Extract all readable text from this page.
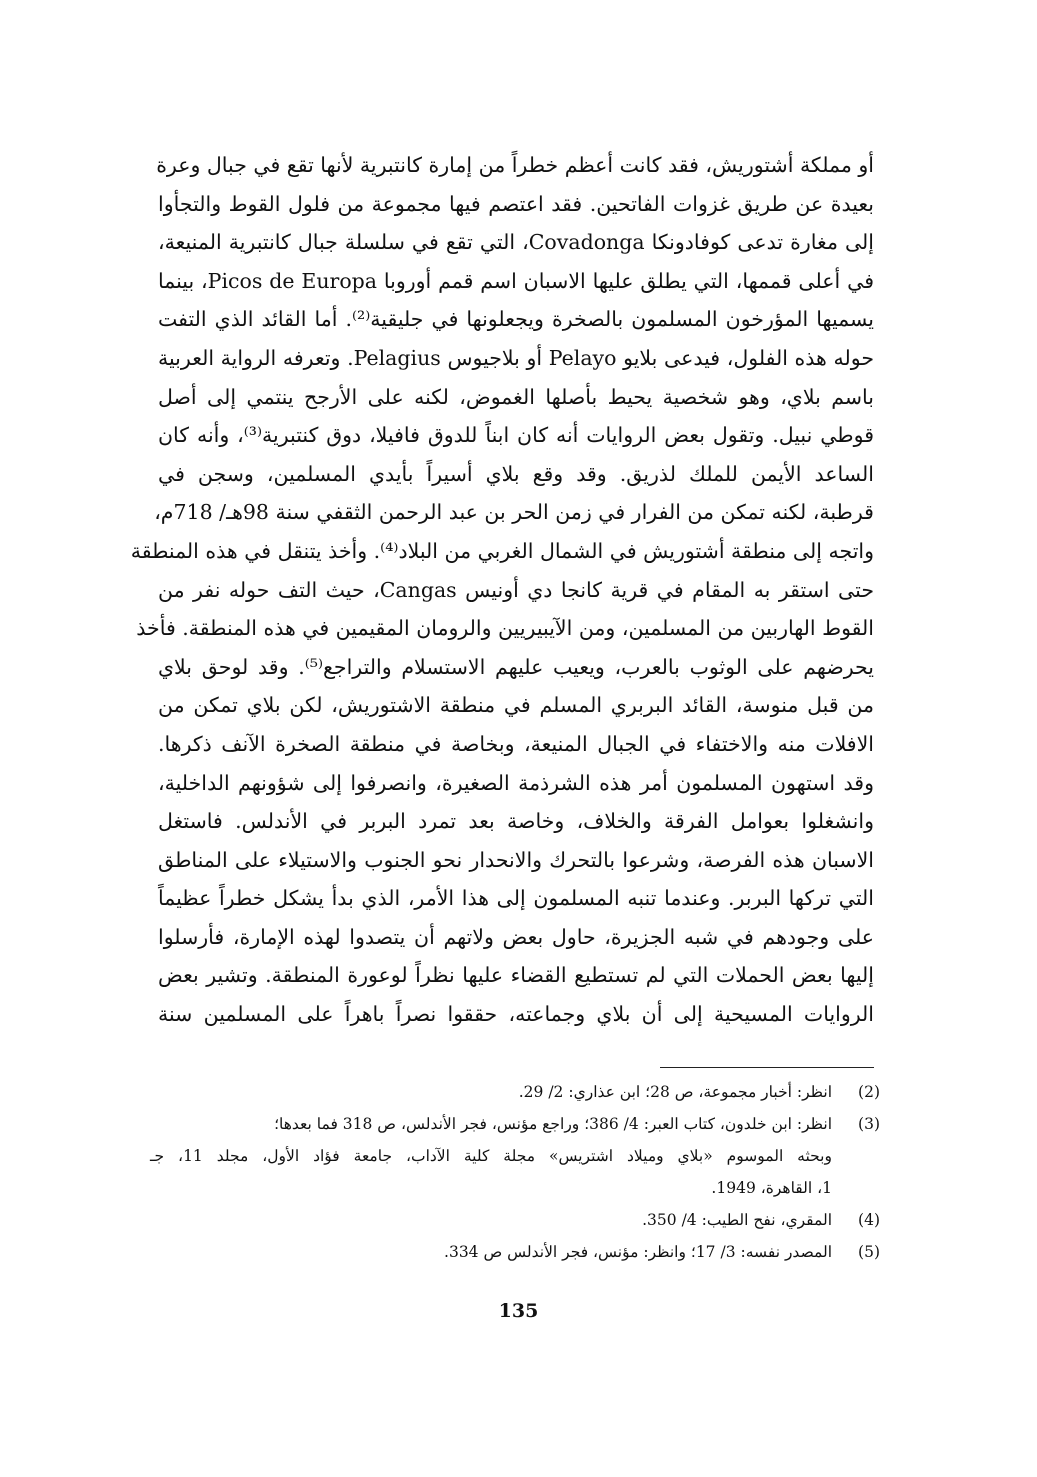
أو مملكة أشتوريش، فقد كانت أعظم خطراً من إمارة كانتبرية لأنها تقع في جبال وعرة
بعيدة عن طريق غزوات الفاتحين. فقد اعتصم فيها مجموعة من فلول القوط والتجأوا
إلى مغارة تدعى كوفادونكا Covadonga، التي تقع في سلسلة جبال كانتبرية المنيعة،
في أعلى قممها، التي يطلق عليها الاسبان اسم قمم أوروبا Picos de Europa، بينما
يسميها المؤرخون المسلمون بالصخرة ويجعلونها في جليقية⁽²⁾. أما القائد الذي التفت
حوله هذه الفلول، فيدعى بلايو Pelayo أو بلاجيوس Pelagius. وتعرفه الرواية العربية
باسم بلاي، وهو شخصية يحيط بأصلها الغموض، لكنه على الأرجح ينتمي إلى أصل
قوطي نبيل. وتقول بعض الروايات أنه كان ابناً للدوق فافيلا، دوق كنتبرية⁽³⁾، وأنه كان
الساعد الأيمن للملك لذريق. وقد وقع بلاي أسيراً بأيدي المسلمين، وسجن في
قرطبة، لكنه تمكن من الفرار في زمن الحر بن عبد الرحمن الثقفي سنة 98هـ/ 718م،
واتجه إلى منطقة أشتوريش في الشمال الغربي من البلاد⁽⁴⁾. وأخذ يتنقل في هذه المنطقة
حتى استقر به المقام في قرية كانجا دي أونيس Cangas، حيث التف حوله نفر من
القوط الهاربين من المسلمين، ومن الآيبيريين والرومان المقيمين في هذه المنطقة. فأخذ
يحرضهم على الوثوب بالعرب، ويعيب عليهم الاستسلام والتراجع⁽⁵⁾. وقد لوحق بلاي
من قبل منوسة، القائد البربري المسلم في منطقة الاشتوريش، لكن بلاي تمكن من
الافلات منه والاختفاء في الجبال المنيعة، وبخاصة في منطقة الصخرة الآنف ذكرها.
وقد استهون المسلمون أمر هذه الشرذمة الصغيرة، وانصرفوا إلى شؤونهم الداخلية،
وانشغلوا بعوامل الفرقة والخلاف، وخاصة بعد تمرد البربر في الأندلس. فاستغل
الاسبان هذه الفرصة، وشرعوا بالتحرك والانحدار نحو الجنوب والاستيلاء على المناطق
التي تركها البربر. وعندما تنبه المسلمون إلى هذا الأمر، الذي بدأ يشكل خطراً عظيماً
على وجودهم في شبه الجزيرة، حاول بعض ولاتهم أن يتصدوا لهذه الإمارة، فأرسلوا
إليها بعض الحملات التي لم تستطيع القضاء عليها نظراً لوعورة المنطقة. وتشير بعض
الروايات المسيحية إلى أن بلاي وجماعته، حققوا نصراً باهراً على المسلمين سنة
(2)
انظر: أخبار مجموعة، ص 28؛ ابن عذاري: 2/ 29.
(3)
انظر: ابن خلدون، كتاب العبر: 4/ 386؛ وراجع مؤنس، فجر الأندلس، ص 318 فما بعدها؛
وبحثه الموسوم «بلاي وميلاد اشتريس» مجلة كلية الآداب، جامعة فؤاد الأول، مجلد 11، جـ
1، القاهرة، 1949.
(4)
المقري، نفح الطيب: 4/ 350.
(5)
المصدر نفسه: 3/ 17؛ وانظر: مؤنس، فجر الأندلس ص 334.
135
